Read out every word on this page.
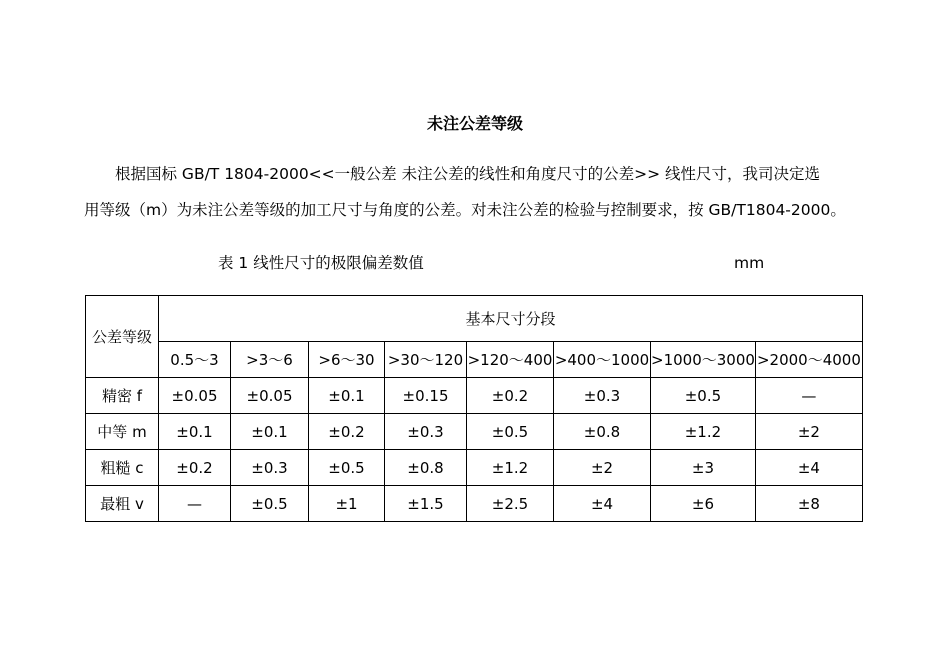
未注公差等级
根据国标 GB/T 1804-2000<<一般公差 未注公差的线性和角度尺寸的公差>> 线性尺寸，我司决定选
用等级（m）为未注公差等级的加工尺寸与角度的公差。对未注公差的检验与控制要求，按 GB/T1804-2000。
表 1 线性尺寸的极限偏差数值	mm
公差等级	基本尺寸分段							
	0.5～3	>3～6	>6～30	>30～120	>120～400	>400～1000	>1000～3000	>2000～4000
精密 f	±0.05	±0.05	±0.1	±0.15	±0.2	±0.3	±0.5	—
中等 m	±0.1	±0.1	±0.2	±0.3	±0.5	±0.8	±1.2	±2
粗糙 c	±0.2	±0.3	±0.5	±0.8	±1.2	±2	±3	±4
最粗 v	—	±0.5	±1	±1.5	±2.5	±4	±6	±8
